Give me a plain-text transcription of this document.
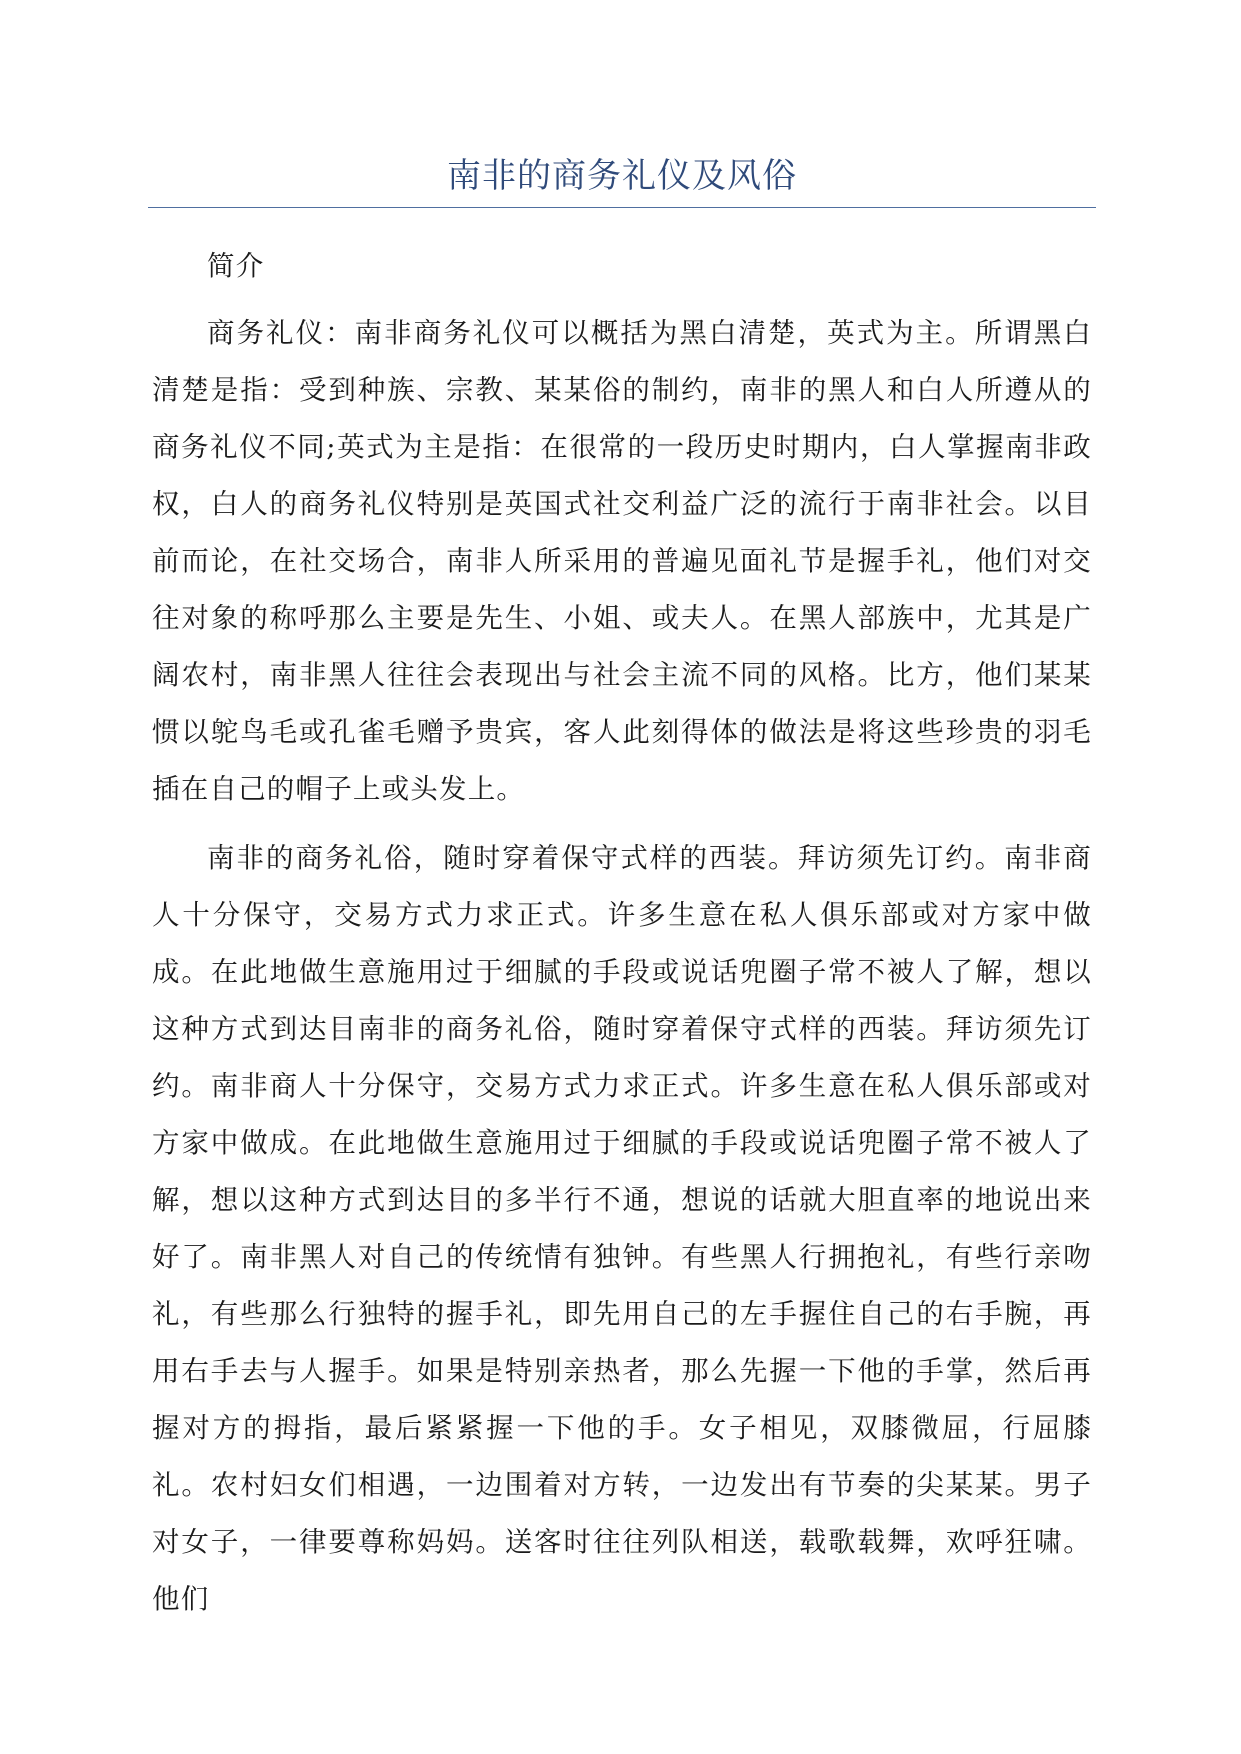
南非的商务礼仪及风俗

简介

商务礼仪：南非商务礼仪可以概括为黑白清楚，英式为主。所谓黑白清楚是指：受到种族、宗教、某某俗的制约，南非的黑人和白人所遵从的商务礼仪不同;英式为主是指：在很常的一段历史时期内，白人掌握南非政权，白人的商务礼仪特别是英国式社交利益广泛的流行于南非社会。以目前而论，在社交场合，南非人所采用的普遍见面礼节是握手礼，他们对交往对象的称呼那么主要是先生、小姐、或夫人。在黑人部族中，尤其是广阔农村，南非黑人往往会表现出与社会主流不同的风格。比方，他们某某惯以鸵鸟毛或孔雀毛赠予贵宾，客人此刻得体的做法是将这些珍贵的羽毛插在自己的帽子上或头发上。

南非的商务礼俗，随时穿着保守式样的西装。拜访须先订约。南非商人十分保守，交易方式力求正式。许多生意在私人俱乐部或对方家中做成。在此地做生意施用过于细腻的手段或说话兜圈子常不被人了解，想以这种方式到达目南非的商务礼俗，随时穿着保守式样的西装。拜访须先订约。南非商人十分保守，交易方式力求正式。许多生意在私人俱乐部或对方家中做成。在此地做生意施用过于细腻的手段或说话兜圈子常不被人了解，想以这种方式到达目的多半行不通，想说的话就大胆直率的地说出来好了。南非黑人对自己的传统情有独钟。有些黑人行拥抱礼，有些行亲吻礼，有些那么行独特的握手礼，即先用自己的左手握住自己的右手腕，再用右手去与人握手。如果是特别亲热者，那么先握一下他的手掌，然后再握对方的拇指，最后紧紧握一下他的手。女子相见，双膝微屈，行屈膝礼。农村妇女们相遇，一边围着对方转，一边发出有节奏的尖某某。男子对女子，一律要尊称妈妈。送客时往往列队相送，载歌载舞，欢呼狂啸。他们
